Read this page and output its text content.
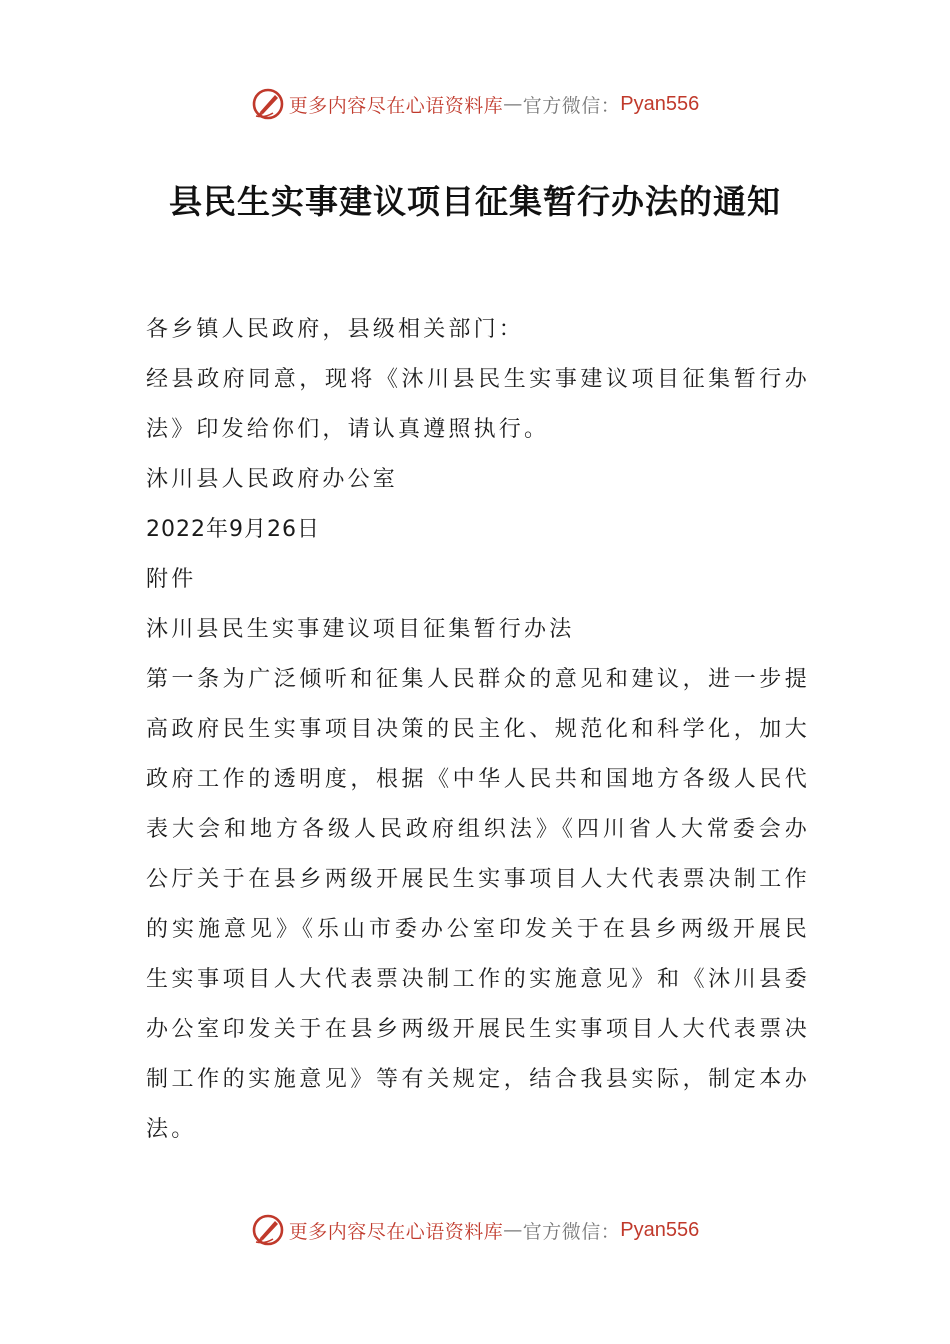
更多内容尽在心语资料库 — 官方微信： Pyan556
县民生实事建议项目征集暂行办法的通知

各乡镇人民政府，县级相关部门：

经县政府同意，现将《沐川县民生实事建议项目征集暂行办法》印发给你们，请认真遵照执行。

沐川县人民政府办公室

2022年9月26日

附件

沐川县民生实事建议项目征集暂行办法

第一条为广泛倾听和征集人民群众的意见和建议，进一步提高政府民生实事项目决策的民主化、规范化和科学化，加大政府工作的透明度，根据《中华人民共和国地方各级人民代表大会和地方各级人民政府组织法》《四川省人大常委会办公厅关于在县乡两级开展民生实事项目人大代表票决制工作的实施意见》《乐山市委办公室印发关于在县乡两级开展民生实事项目人大代表票决制工作的实施意见》和《沐川县委办公室印发关于在县乡两级开展民生实事项目人大代表票决制工作的实施意见》等有关规定，结合我县实际，制定本办法。

更多内容尽在心语资料库 — 官方微信： Pyan556
